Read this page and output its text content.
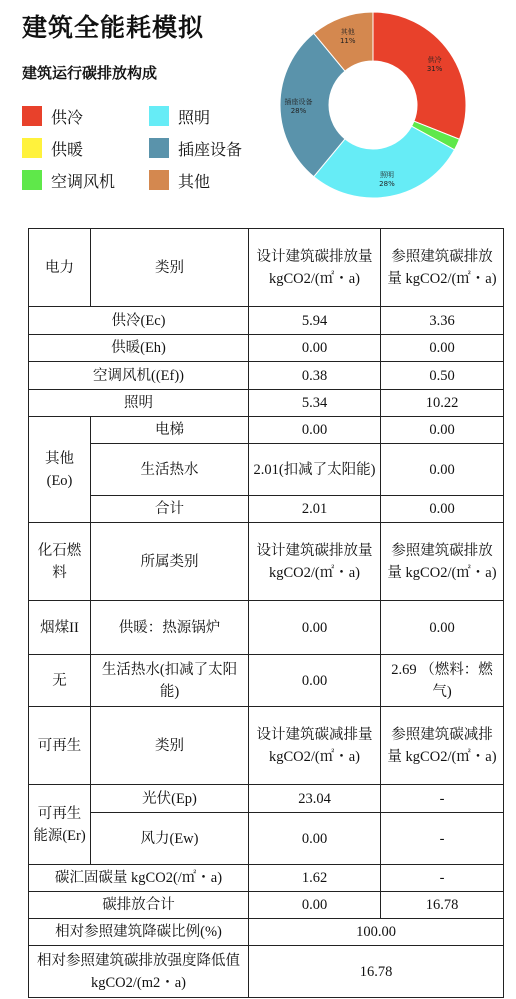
建筑全能耗模拟
建筑运行碳排放构成
供冷	照明
供暖	插座设备
空调风机	其他
供冷
31%
照明
28%
插座设备
28%
其他
11%
电力	类别	设计建筑碳排放量 kgCO2/(㎡・a)	参照建筑碳排放量 kgCO2/(㎡・a)
供冷(Ec)		5.94	3.36
供暖(Eh)		0.00	0.00
空调风机((Ef))		0.38	0.50
照明		5.34	10.22
其他 (Eo)	电梯	0.00	0.00
	生活热水	2.01(扣减了太阳能)	0.00
	合计	2.01	0.00
化石燃料	所属类别	设计建筑碳排放量 kgCO2/(㎡・a)	参照建筑碳排放量 kgCO2/(㎡・a)
烟煤II	供暖：热源锅炉	0.00	0.00
无	生活热水(扣减了太阳能)	0.00	2.69 （燃料：燃气)
可再生	类别	设计建筑碳减排量 kgCO2/(㎡・a)	参照建筑碳减排量 kgCO2/(㎡・a)
可再生能源(Er)	光伏(Ep)	23.04	-
	风力(Ew)	0.00	-
碳汇固碳量 kgCO2(/㎡・a)		1.62	-
碳排放合计		0.00	16.78
相对参照建筑降碳比例(%)		100.00	
相对参照建筑碳排放强度降低值 kgCO2/(m2・a)		16.78	
